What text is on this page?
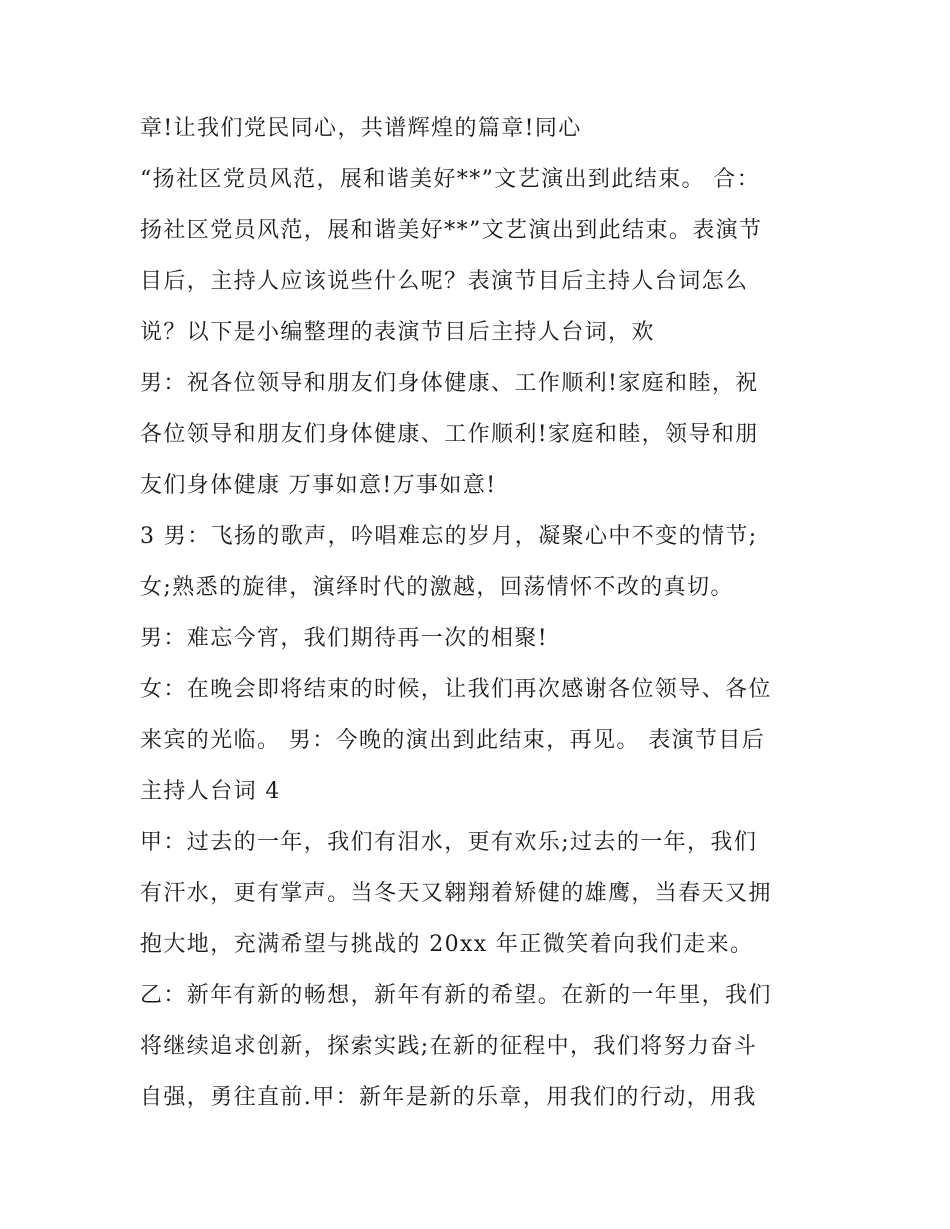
章!让我们党民同心，共谱辉煌的篇章!同心
“扬社区党员风范，展和谐美好**”文艺演出到此结束。 合：
扬社区党员风范，展和谐美好**”文艺演出到此结束。表演节
目后，主持人应该说些什么呢？表演节目后主持人台词怎么
说？以下是小编整理的表演节目后主持人台词，欢
男：祝各位领导和朋友们身体健康、工作顺利!家庭和睦，祝
各位领导和朋友们身体健康、工作顺利!家庭和睦，领导和朋
友们身体健康 万事如意!万事如意!
3 男：飞扬的歌声，吟唱难忘的岁月，凝聚心中不变的情节;
女;熟悉的旋律，演绎时代的激越，回荡情怀不改的真切。
男：难忘今宵，我们期待再一次的相聚!
女：在晚会即将结束的时候，让我们再次感谢各位领导、各位
来宾的光临。 男：今晚的演出到此结束，再见。 表演节目后
主持人台词 4
甲：过去的一年，我们有泪水，更有欢乐;过去的一年，我们
有汗水，更有掌声。当冬天又翱翔着矫健的雄鹰，当春天又拥
抱大地，充满希望与挑战的 20xx 年正微笑着向我们走来。
乙：新年有新的畅想，新年有新的希望。在新的一年里，我们
将继续追求创新，探索实践;在新的征程中，我们将努力奋斗
自强，勇往直前.甲：新年是新的乐章，用我们的行动，用我
